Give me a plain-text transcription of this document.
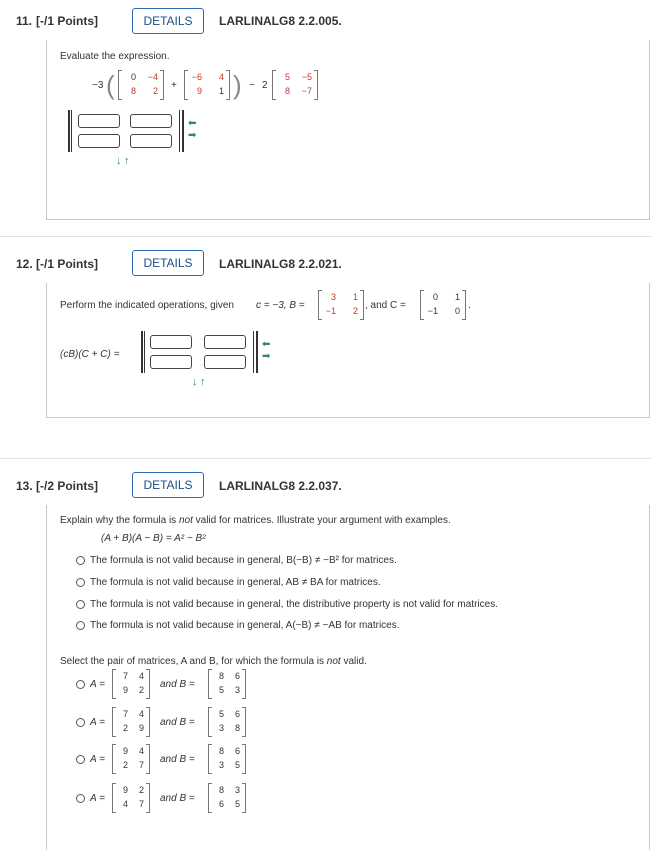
11. [-/1 Points]	DETAILS	LARLINALG8 2.2.005.
Evaluate the expression.
−3 (	0	−4
8	2 +
−6	4
9	1 ) − 2
5	−5
8	−7
⬅
➡
↓ ↑
12. [-/1 Points]	DETAILS	LARLINALG8 2.2.021.
Perform the indicated operations, given c = −3, B =
3	1
−1	2 , and C =
0	1
−1	0 .
(cB)(C + C) =
⬅
➡
↓ ↑
13. [-/2 Points]	DETAILS	LARLINALG8 2.2.037.
Explain why the formula is not valid for matrices. Illustrate your argument with examples.
(A + B)(A − B) = A² − B²
The formula is not valid because in general, B(−B) ≠ −B² for matrices.
The formula is not valid because in general, AB ≠ BA for matrices.
The formula is not valid because in general, the distributive property is not valid for matrices.
The formula is not valid because in general, A(−B) ≠ −AB for matrices.
Select the pair of matrices, A and B, for which the formula is not valid.
A =
7	4
9	2 and B =
8	6
5	3
A =
7	4
2	9 and B =
5	6
3	8
A =
9	4
2	7 and B =
8	6
3	5
A =
9	2
4	7 and B =
8	3
6	5
